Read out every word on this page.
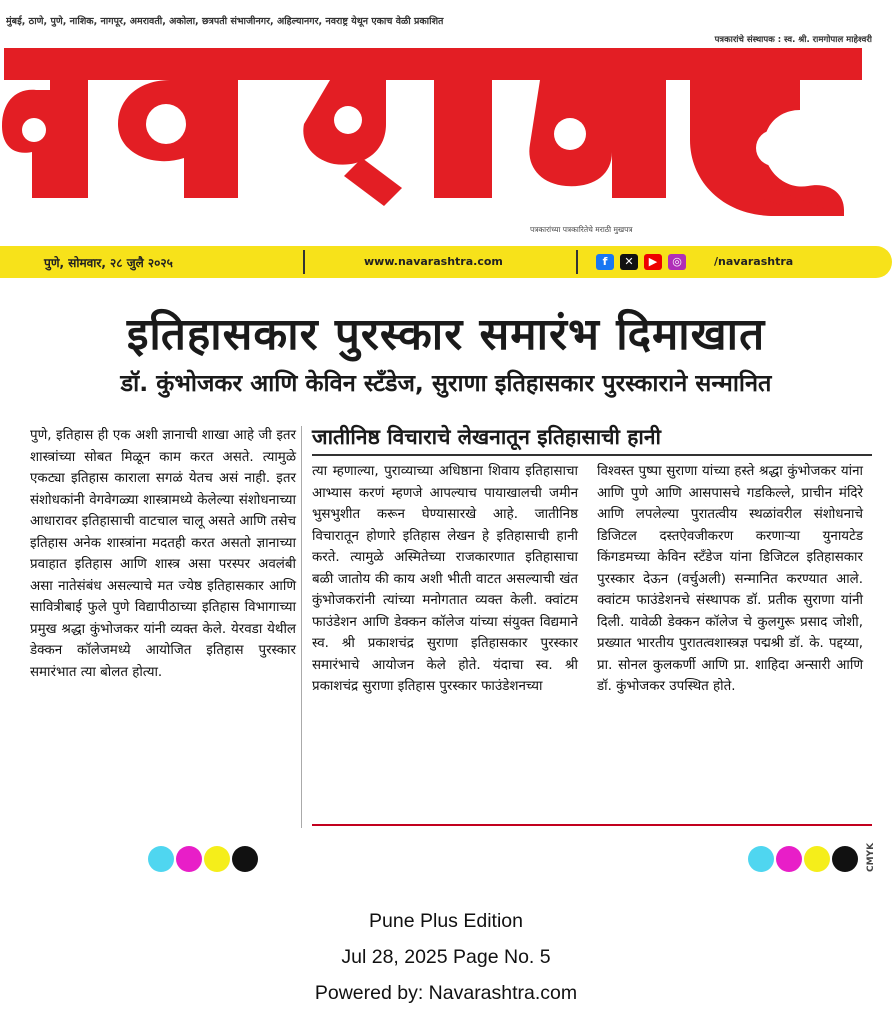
मुंबई, ठाणे, पुणे, नाशिक, नागपूर, अमरावती, अकोला, छत्रपती संभाजीनगर, अहिल्यानगर, नवराष्ट्र येथून एकाच वेळी प्रकाशित
पत्रकारांचे संस्थापक : स्व. श्री. रामगोपाल माहेश्वरी
पत्रकारांच्या पत्रकारितेचे मराठी मुखपत्र
पुणे, सोमवार, २८ जुलै २०२५	www.navarashtra.com	f	✕	▶	◎	/navarashtra
इतिहासकार पुरस्कार समारंभ दिमाखात
डॉ. कुंभोजकर आणि केविन स्टँडेज, सुराणा इतिहासकार पुरस्काराने सन्मानित
पुणे, इतिहास ही एक अशी ज्ञानाची शाखा आहे जी इतर शास्त्रांच्या सोबत मिळून काम करत असते. त्यामुळे एकट्या इतिहास काराला सगळं येतच असं नाही. इतर संशोधकांनी वेगवेगळ्या शास्त्रामध्ये केलेल्या संशोधनाच्या आधारावर इतिहासाची वाटचाल चालू असते आणि तसेच इतिहास अनेक शास्त्रांना मदतही करत असतो ज्ञानाच्या प्रवाहात इतिहास आणि शास्त्र असा परस्पर अवलंबी असा नातेसंबंध असल्याचे मत ज्येष्ठ इतिहासकार आणि सावित्रीबाई फुले पुणे विद्यापीठाच्या इतिहास विभागाच्या प्रमुख श्रद्धा कुंभोजकर यांनी व्यक्त केले. येरवडा येथील डेक्कन कॉलेजमध्ये आयोजित इतिहास पुरस्कार समारंभात त्या बोलत होत्या.
जातीनिष्ठ विचाराचे लेखनातून इतिहासाची हानी
त्या म्हणाल्या, पुराव्याच्या अधिष्ठाना शिवाय इतिहासाचा आभ्यास करणं म्हणजे आपल्याच पायाखालची जमीन भुसभुशीत करून घेण्यासारखे आहे. जातीनिष्ठ विचारातून होणारे इतिहास लेखन हे इतिहासाची हानी करते. त्यामुळे अस्मितेच्या राजकारणात इतिहासाचा बळी जातोय की काय अशी भीती वाटत असल्याची खंत कुंभोजकरांनी त्यांच्या मनोगतात व्यक्त केली. क्वांटम फाउंडेशन आणि डेक्कन कॉलेज यांच्या संयुक्त विद्यमाने स्व. श्री प्रकाशचंद्र सुराणा इतिहासकार पुरस्कार समारंभाचे आयोजन केले होते. यंदाचा स्व. श्री प्रकाशचंद्र सुराणा इतिहास पुरस्कार फाउंडेशनच्या
विश्वस्त पुष्पा सुराणा यांच्या हस्ते श्रद्धा कुंभोजकर यांना आणि पुणे आणि आसपासचे गडकिल्ले, प्राचीन मंदिरे आणि लपलेल्या पुरातत्वीय स्थळांवरील संशोधनाचे डिजिटल दस्तऐवजीकरण करणाऱ्या युनायटेड किंगडमच्या केविन स्टँडेज यांना डिजिटल इतिहासकार पुरस्कार देऊन (वर्चुअली) सन्मानित करण्यात आले. क्वांटम फाउंडेशनचे संस्थापक डॉ. प्रतीक सुराणा यांनी दिली. यावेळी डेक्कन कॉलेज चे कुलगुरू प्रसाद जोशी, प्रख्यात भारतीय पुरातत्वशास्त्रज्ञ पद्मश्री डॉ. के. पद्दय्या, प्रा. सोनल कुलकर्णी आणि प्रा. शाहिदा अन्सारी आणि डॉ. कुंभोजकर उपस्थित होते.
CMYK
Pune Plus Edition
Jul 28, 2025 Page No. 5
Powered by: Navarashtra.com
